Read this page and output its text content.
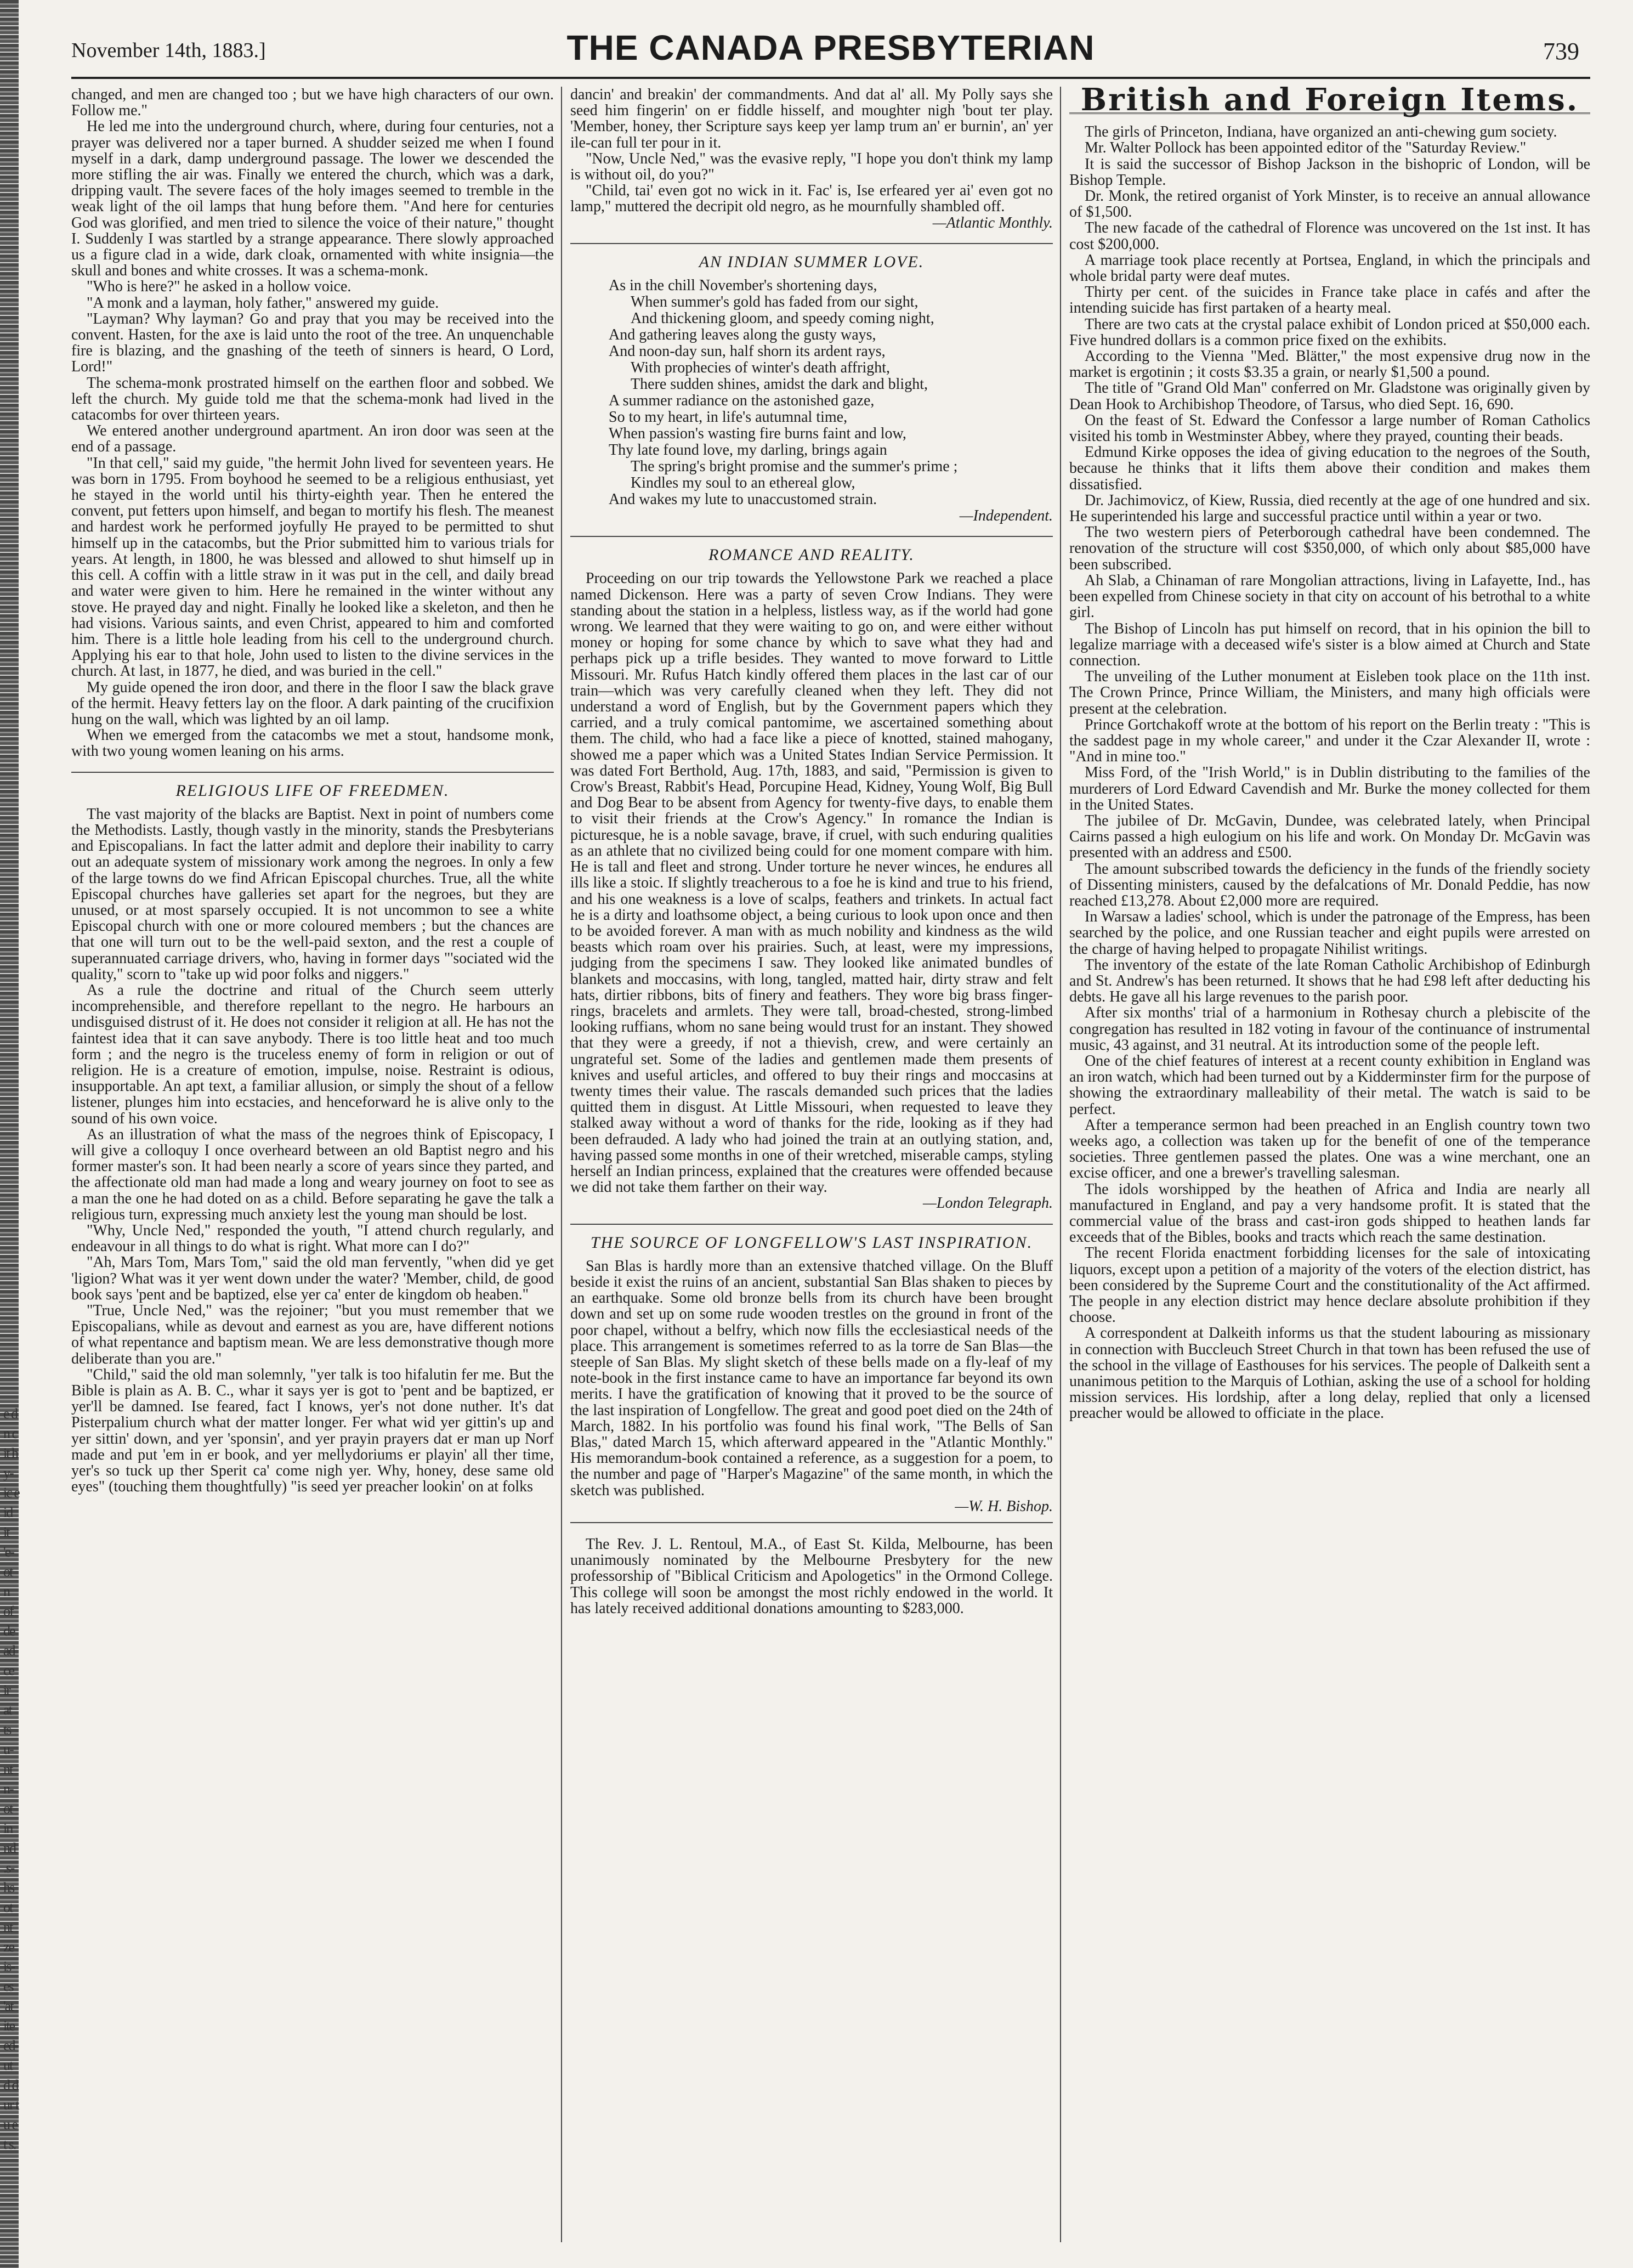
e d n c it h y- ic e id it 'e- ot n of de ad ce ir at ts u- nt n- ot in nd .s- hs ot nt ze is- es 'at ite ed- ut d d ur t u e t s.
November 14th, 1883.]	THE CANADA PRESBYTERIAN	739

changed, and men are changed too ; but we have high characters of our own. Follow me."

He led me into the underground church, where, during four centuries, not a prayer was delivered nor a taper burned. A shudder seized me when I found myself in a dark, damp underground passage. The lower we descended the more stifling the air was. Finally we entered the church, which was a dark, dripping vault. The severe faces of the holy images seemed to tremble in the weak light of the oil lamps that hung before them. "And here for centuries God was glorified, and men tried to silence the voice of their nature," thought I. Suddenly I was startled by a strange appearance. There slowly approached us a figure clad in a wide, dark cloak, ornamented with white insignia—the skull and bones and white crosses. It was a schema-monk.

"Who is here?" he asked in a hollow voice.

"A monk and a layman, holy father," answered my guide.

"Layman? Why layman? Go and pray that you may be received into the convent. Hasten, for the axe is laid unto the root of the tree. An unquenchable fire is blazing, and the gnashing of the teeth of sinners is heard, O Lord, Lord!"

The schema-monk prostrated himself on the earthen floor and sobbed. We left the church. My guide told me that the schema-monk had lived in the catacombs for over thirteen years.

We entered another underground apartment. An iron door was seen at the end of a passage.

"In that cell," said my guide, "the hermit John lived for seventeen years. He was born in 1795. From boyhood he seemed to be a religious enthusiast, yet he stayed in the world until his thirty-eighth year. Then he entered the convent, put fetters upon himself, and began to mortify his flesh. The meanest and hardest work he performed joyfully He prayed to be permitted to shut himself up in the catacombs, but the Prior submitted him to various trials for years. At length, in 1800, he was blessed and allowed to shut himself up in this cell. A coffin with a little straw in it was put in the cell, and daily bread and water were given to him. Here he remained in the winter without any stove. He prayed day and night. Finally he looked like a skeleton, and then he had visions. Various saints, and even Christ, appeared to him and comforted him. There is a little hole leading from his cell to the underground church. Applying his ear to that hole, John used to listen to the divine services in the church. At last, in 1877, he died, and was buried in the cell."

My guide opened the iron door, and there in the floor I saw the black grave of the hermit. Heavy fetters lay on the floor. A dark painting of the crucifixion hung on the wall, which was lighted by an oil lamp.

When we emerged from the catacombs we met a stout, handsome monk, with two young women leaning on his arms.

RELIGIOUS LIFE OF FREEDMEN.

The vast majority of the blacks are Baptist. Next in point of numbers come the Methodists. Lastly, though vastly in the minority, stands the Presbyterians and Episcopalians. In fact the latter admit and deplore their inability to carry out an adequate system of missionary work among the negroes. In only a few of the large towns do we find African Episcopal churches. True, all the white Episcopal churches have galleries set apart for the negroes, but they are unused, or at most sparsely occupied. It is not uncommon to see a white Episcopal church with one or more coloured members ; but the chances are that one will turn out to be the well-paid sexton, and the rest a couple of superannuated carriage drivers, who, having in former days "'sociated wid the quality," scorn to "take up wid poor folks and niggers."

As a rule the doctrine and ritual of the Church seem utterly incomprehensible, and therefore repellant to the negro. He harbours an undisguised distrust of it. He does not consider it religion at all. He has not the faintest idea that it can save anybody. There is too little heat and too much form ; and the negro is the truceless enemy of form in religion or out of religion. He is a creature of emotion, impulse, noise. Restraint is odious, insupportable. An apt text, a familiar allusion, or simply the shout of a fellow listener, plunges him into ecstacies, and henceforward he is alive only to the sound of his own voice.

As an illustration of what the mass of the negroes think of Episcopacy, I will give a colloquy I once overheard between an old Baptist negro and his former master's son. It had been nearly a score of years since they parted, and the affectionate old man had made a long and weary journey on foot to see as a man the one he had doted on as a child. Before separating he gave the talk a religious turn, expressing much anxiety lest the young man should be lost.

"Why, Uncle Ned," responded the youth, "I attend church regularly, and endeavour in all things to do what is right. What more can I do?"

"Ah, Mars Tom, Mars Tom," said the old man fervently, "when did ye get 'ligion? What was it yer went down under the water? 'Member, child, de good book says 'pent and be baptized, else yer ca' enter de kingdom ob heaben."

"True, Uncle Ned," was the rejoiner; "but you must remember that we Episcopalians, while as devout and earnest as you are, have different notions of what repentance and baptism mean. We are less demonstrative though more deliberate than you are."

"Child," said the old man solemnly, "yer talk is too hifalutin fer me. But the Bible is plain as A. B. C., whar it says yer is got to 'pent and be baptized, er yer'll be damned. Ise feared, fact I knows, yer's not done nuther. It's dat Pisterpalium church what der matter longer. Fer what wid yer gittin's up and yer sittin' down, and yer 'sponsin', and yer prayin prayers dat er man up Norf made and put 'em in er book, and yer mellydoriums er playin' all ther time, yer's so tuck up ther Sperit ca' come nigh yer. Why, honey, dese same old eyes" (touching them thoughtfully) "is seed yer preacher lookin' on at folks

dancin' and breakin' der commandments. And dat al' all. My Polly says she seed him fingerin' on er fiddle hisself, and moughter nigh 'bout ter play. 'Member, honey, ther Scripture says keep yer lamp trum an' er burnin', an' yer ile-can full ter pour in it.

"Now, Uncle Ned," was the evasive reply, "I hope you don't think my lamp is without oil, do you?"

"Child, tai' even got no wick in it. Fac' is, Ise erfeared yer ai' even got no lamp," muttered the decripit old negro, as he mournfully shambled off.

—Atlantic Monthly.
AN INDIAN SUMMER LOVE.
As in the chill November's shortening days,
When summer's gold has faded from our sight,
And thickening gloom, and speedy coming night,
And gathering leaves along the gusty ways,
And noon-day sun, half shorn its ardent rays,
With prophecies of winter's death affright,
There sudden shines, amidst the dark and blight,
A summer radiance on the astonished gaze,
So to my heart, in life's autumnal time,
When passion's wasting fire burns faint and low,
Thy late found love, my darling, brings again
The spring's bright promise and the summer's prime ;
Kindles my soul to an ethereal glow,
And wakes my lute to unaccustomed strain.
—Independent.
ROMANCE AND REALITY.

Proceeding on our trip towards the Yellowstone Park we reached a place named Dickenson. Here was a party of seven Crow Indians. They were standing about the station in a helpless, listless way, as if the world had gone wrong. We learned that they were waiting to go on, and were either without money or hoping for some chance by which to save what they had and perhaps pick up a trifle besides. They wanted to move forward to Little Missouri. Mr. Rufus Hatch kindly offered them places in the last car of our train—which was very carefully cleaned when they left. They did not understand a word of English, but by the Government papers which they carried, and a truly comical pantomime, we ascertained something about them. The child, who had a face like a piece of knotted, stained mahogany, showed me a paper which was a United States Indian Service Permission. It was dated Fort Berthold, Aug. 17th, 1883, and said, "Permission is given to Crow's Breast, Rabbit's Head, Porcupine Head, Kidney, Young Wolf, Big Bull and Dog Bear to be absent from Agency for twenty-five days, to enable them to visit their friends at the Crow's Agency." In romance the Indian is picturesque, he is a noble savage, brave, if cruel, with such enduring qualities as an athlete that no civilized being could for one moment compare with him. He is tall and fleet and strong. Under torture he never winces, he endures all ills like a stoic. If slightly treacherous to a foe he is kind and true to his friend, and his one weakness is a love of scalps, feathers and trinkets. In actual fact he is a dirty and loathsome object, a being curious to look upon once and then to be avoided forever. A man with as much nobility and kindness as the wild beasts which roam over his prairies. Such, at least, were my impressions, judging from the specimens I saw. They looked like animated bundles of blankets and moccasins, with long, tangled, matted hair, dirty straw and felt hats, dirtier ribbons, bits of finery and feathers. They wore big brass finger-rings, bracelets and armlets. They were tall, broad-chested, strong-limbed looking ruffians, whom no sane being would trust for an instant. They showed that they were a greedy, if not a thievish, crew, and were certainly an ungrateful set. Some of the ladies and gentlemen made them presents of knives and useful articles, and offered to buy their rings and moccasins at twenty times their value. The rascals demanded such prices that the ladies quitted them in disgust. At Little Missouri, when requested to leave they stalked away without a word of thanks for the ride, looking as if they had been defrauded. A lady who had joined the train at an outlying station, and, having passed some months in one of their wretched, miserable camps, styling herself an Indian princess, explained that the creatures were offended because we did not take them farther on their way.

—London Telegraph.
THE SOURCE OF LONGFELLOW'S LAST INSPIRATION.

San Blas is hardly more than an extensive thatched village. On the Bluff beside it exist the ruins of an ancient, substantial San Blas shaken to pieces by an earthquake. Some old bronze bells from its church have been brought down and set up on some rude wooden trestles on the ground in front of the poor chapel, without a belfry, which now fills the ecclesiastical needs of the place. This arrangement is sometimes referred to as la torre de San Blas—the steeple of San Blas. My slight sketch of these bells made on a fly-leaf of my note-book in the first instance came to have an importance far beyond its own merits. I have the gratification of knowing that it proved to be the source of the last inspiration of Longfellow. The great and good poet died on the 24th of March, 1882. In his portfolio was found his final work, "The Bells of San Blas," dated March 15, which afterward appeared in the "Atlantic Monthly." His memorandum-book contained a reference, as a suggestion for a poem, to the number and page of "Harper's Magazine" of the same month, in which the sketch was published.

—W. H. Bishop.

The Rev. J. L. Rentoul, M.A., of East St. Kilda, Melbourne, has been unanimously nominated by the Melbourne Presbytery for the new professorship of "Biblical Criticism and Apologetics" in the Ormond College. This college will soon be amongst the most richly endowed in the world. It has lately received additional donations amounting to $283,000.

British and Foreign Items.

The girls of Princeton, Indiana, have organized an anti-chewing gum society.

Mr. Walter Pollock has been appointed editor of the "Saturday Review."

It is said the successor of Bishop Jackson in the bishopric of London, will be Bishop Temple.

Dr. Monk, the retired organist of York Minster, is to receive an annual allowance of $1,500.

The new facade of the cathedral of Florence was uncovered on the 1st inst. It has cost $200,000.

A marriage took place recently at Portsea, England, in which the principals and whole bridal party were deaf mutes.

Thirty per cent. of the suicides in France take place in cafés and after the intending suicide has first partaken of a hearty meal.

There are two cats at the crystal palace exhibit of London priced at $50,000 each. Five hundred dollars is a common price fixed on the exhibits.

According to the Vienna "Med. Blätter," the most expensive drug now in the market is ergotinin ; it costs $3.35 a grain, or nearly $1,500 a pound.

The title of "Grand Old Man" conferred on Mr. Gladstone was originally given by Dean Hook to Archibishop Theodore, of Tarsus, who died Sept. 16, 690.

On the feast of St. Edward the Confessor a large number of Roman Catholics visited his tomb in Westminster Abbey, where they prayed, counting their beads.

Edmund Kirke opposes the idea of giving education to the negroes of the South, because he thinks that it lifts them above their condition and makes them dissatisfied.

Dr. Jachimovicz, of Kiew, Russia, died recently at the age of one hundred and six. He superintended his large and successful practice until within a year or two.

The two western piers of Peterborough cathedral have been condemned. The renovation of the structure will cost $350,000, of which only about $85,000 have been subscribed.

Ah Slab, a Chinaman of rare Mongolian attractions, living in Lafayette, Ind., has been expelled from Chinese society in that city on account of his betrothal to a white girl.

The Bishop of Lincoln has put himself on record, that in his opinion the bill to legalize marriage with a deceased wife's sister is a blow aimed at Church and State connection.

The unveiling of the Luther monument at Eisleben took place on the 11th inst. The Crown Prince, Prince William, the Ministers, and many high officials were present at the celebration.

Prince Gortchakoff wrote at the bottom of his report on the Berlin treaty : "This is the saddest page in my whole career," and under it the Czar Alexander II, wrote : "And in mine too."

Miss Ford, of the "Irish World," is in Dublin distributing to the families of the murderers of Lord Edward Cavendish and Mr. Burke the money collected for them in the United States.

The jubilee of Dr. McGavin, Dundee, was celebrated lately, when Principal Cairns passed a high eulogium on his life and work. On Monday Dr. McGavin was presented with an address and £500.

The amount subscribed towards the deficiency in the funds of the friendly society of Dissenting ministers, caused by the defalcations of Mr. Donald Peddie, has now reached £13,278. About £2,000 more are required.

In Warsaw a ladies' school, which is under the patronage of the Empress, has been searched by the police, and one Russian teacher and eight pupils were arrested on the charge of having helped to propagate Nihilist writings.

The inventory of the estate of the late Roman Catholic Archibishop of Edinburgh and St. Andrew's has been returned. It shows that he had £98 left after deducting his debts. He gave all his large revenues to the parish poor.

After six months' trial of a harmonium in Rothesay church a plebiscite of the congregation has resulted in 182 voting in favour of the continuance of instrumental music, 43 against, and 31 neutral. At its introduction some of the people left.

One of the chief features of interest at a recent county exhibition in England was an iron watch, which had been turned out by a Kidderminster firm for the purpose of showing the extraordinary malleability of their metal. The watch is said to be perfect.

After a temperance sermon had been preached in an English country town two weeks ago, a collection was taken up for the benefit of one of the temperance societies. Three gentlemen passed the plates. One was a wine merchant, one an excise officer, and one a brewer's travelling salesman.

The idols worshipped by the heathen of Africa and India are nearly all manufactured in England, and pay a very handsome profit. It is stated that the commercial value of the brass and cast-iron gods shipped to heathen lands far exceeds that of the Bibles, books and tracts which reach the same destination.

The recent Florida enactment forbidding licenses for the sale of intoxicating liquors, except upon a petition of a majority of the voters of the election district, has been considered by the Supreme Court and the constitutionality of the Act affirmed. The people in any election district may hence declare absolute prohibition if they choose.

A correspondent at Dalkeith informs us that the student labouring as missionary in connection with Buccleuch Street Church in that town has been refused the use of the school in the village of Easthouses for his services. The people of Dalkeith sent a unanimous petition to the Marquis of Lothian, asking the use of a school for holding mission services. His lordship, after a long delay, replied that only a licensed preacher would be allowed to officiate in the place.
